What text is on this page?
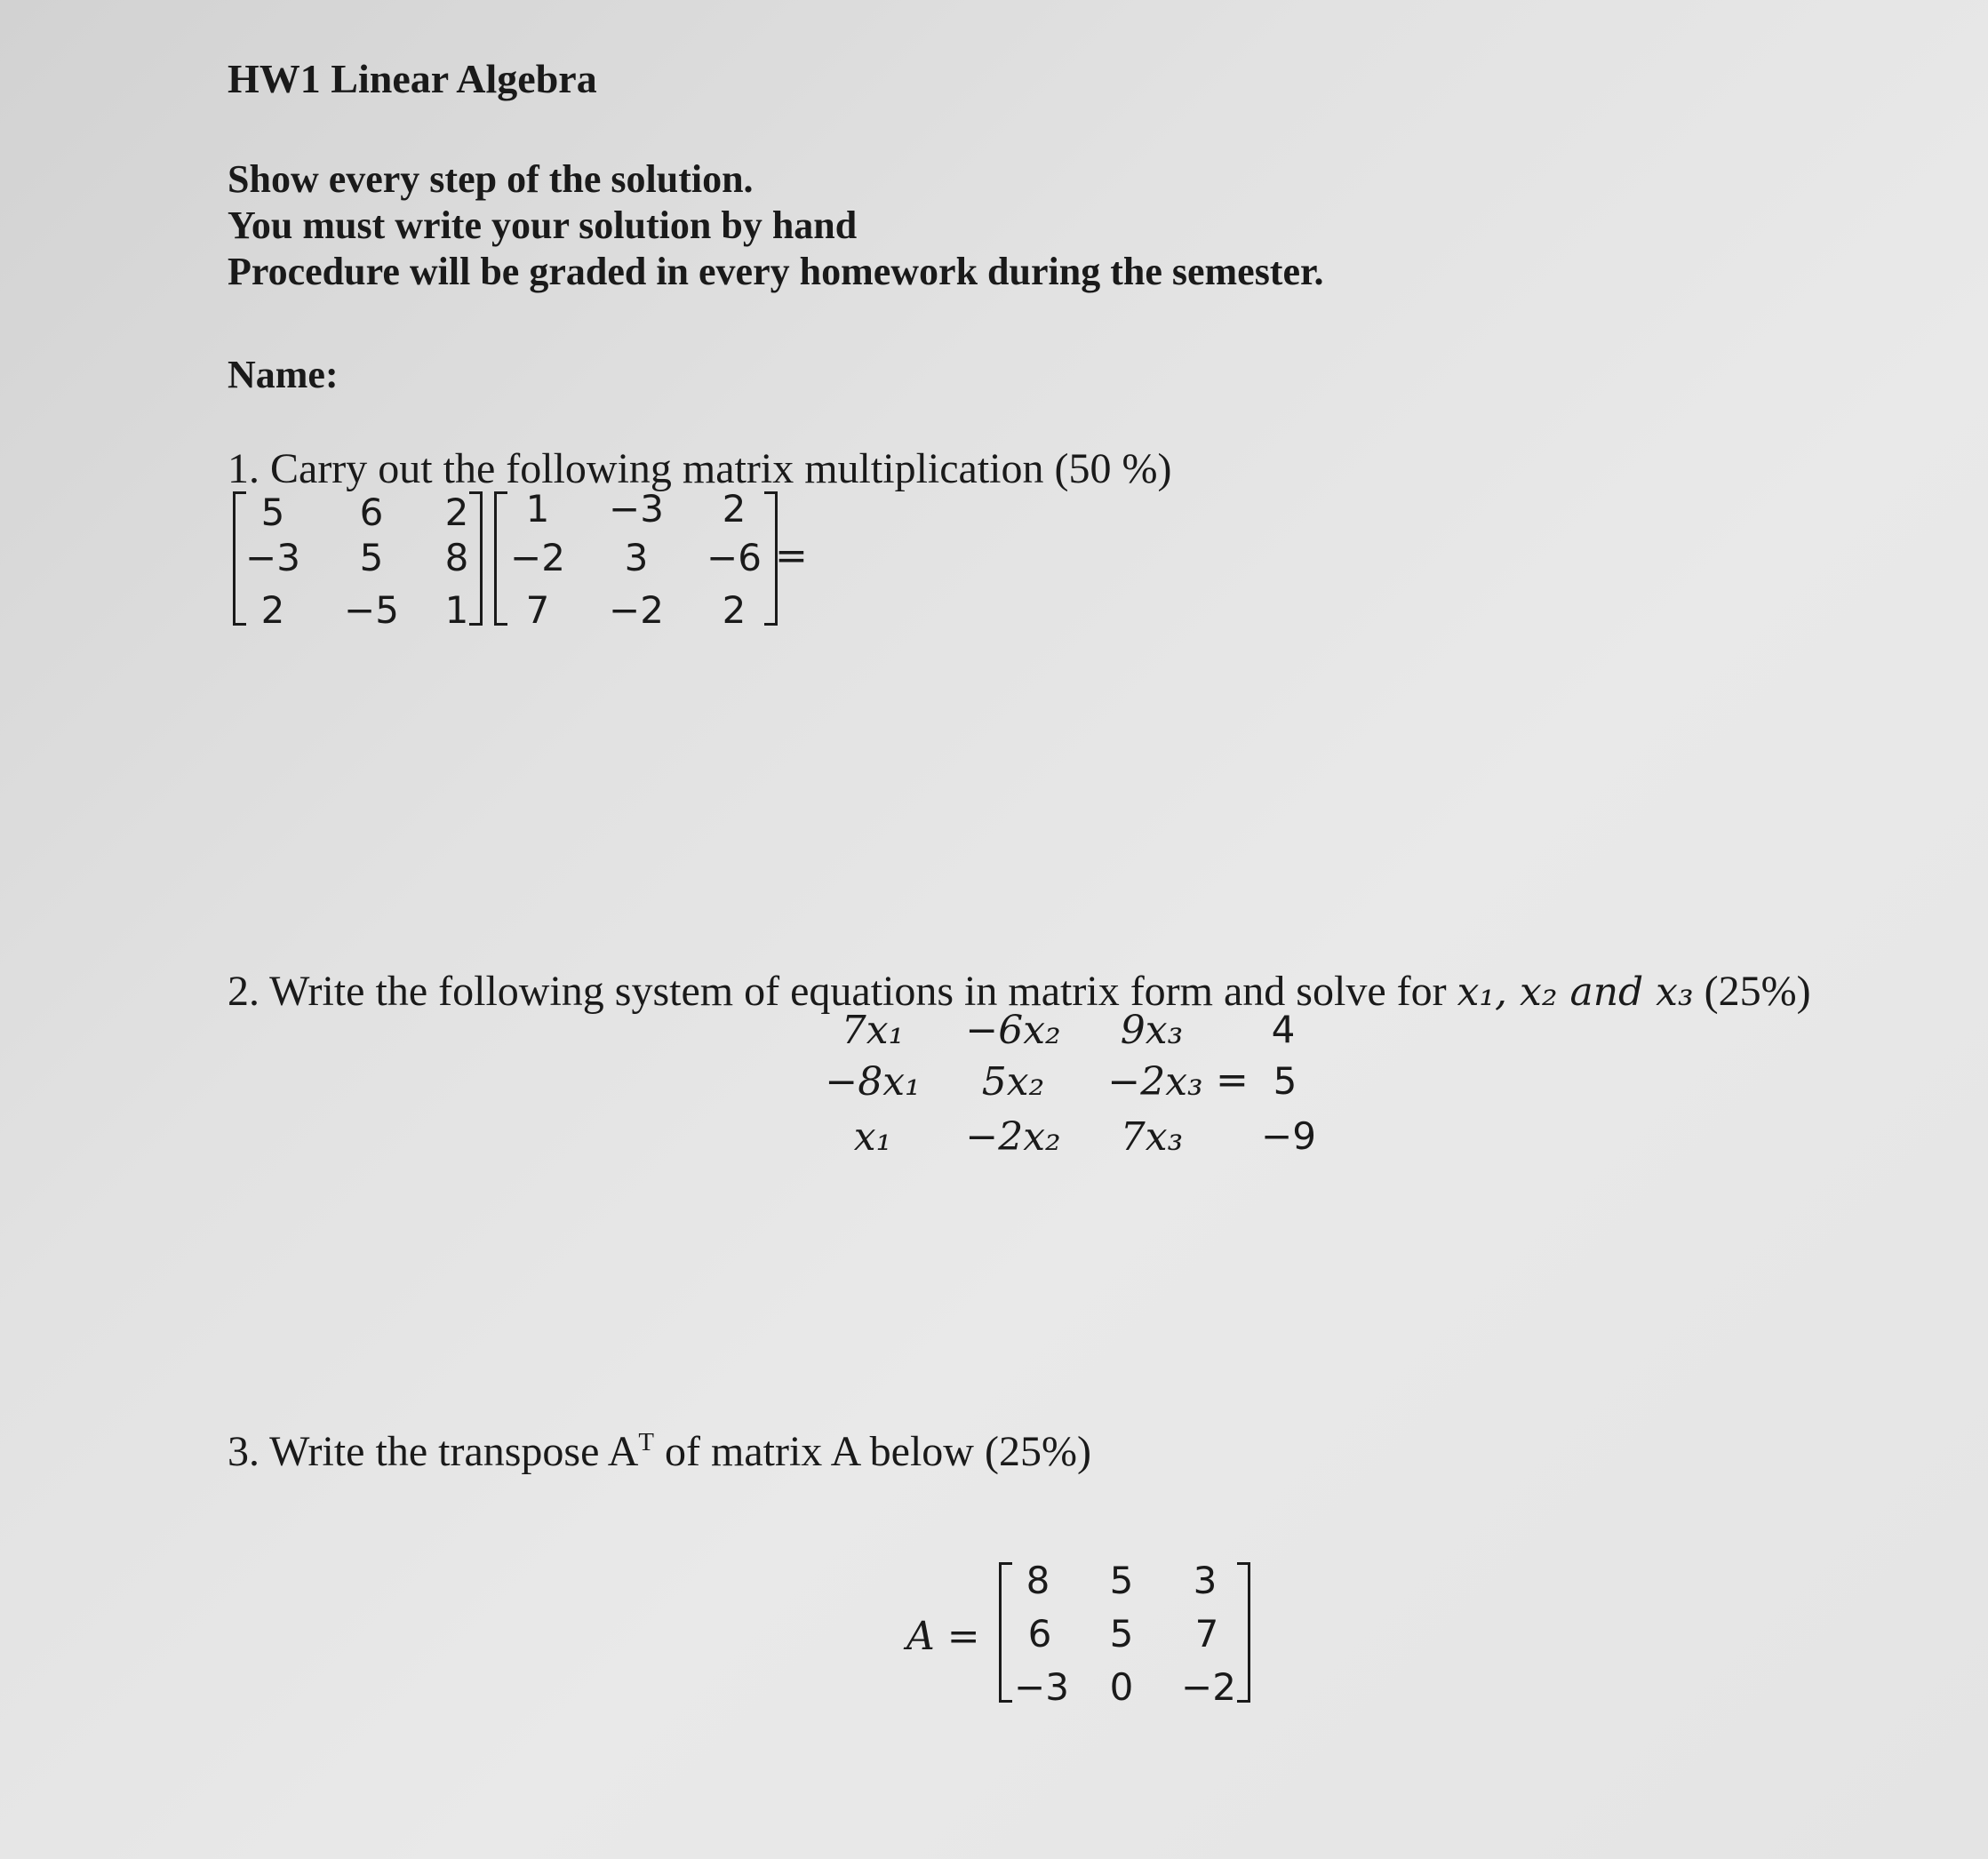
HW1 Linear Algebra
Show every step of the solution.
You must write your solution by hand
Procedure will be graded in every homework during the semester.
Name:
1. Carry out the following matrix multiplication (50 %)
5 6 2
−3 5 8
2 −5 1
1 −3 2
−2 3 −6
7 −2 2
=
2. Write the following system of equations in matrix form and solve for x₁, x₂ and x₃ (25%)
7x₁ −6x₂ 9x₃ 4
−8x₁ 5x₂ −2x₃ = 5
x₁ −2x₂ 7x₃ −9
3. Write the transpose $A^T$ of matrix A below (25%)
A =
8 5 3
6 5 7
−3 0 −2
